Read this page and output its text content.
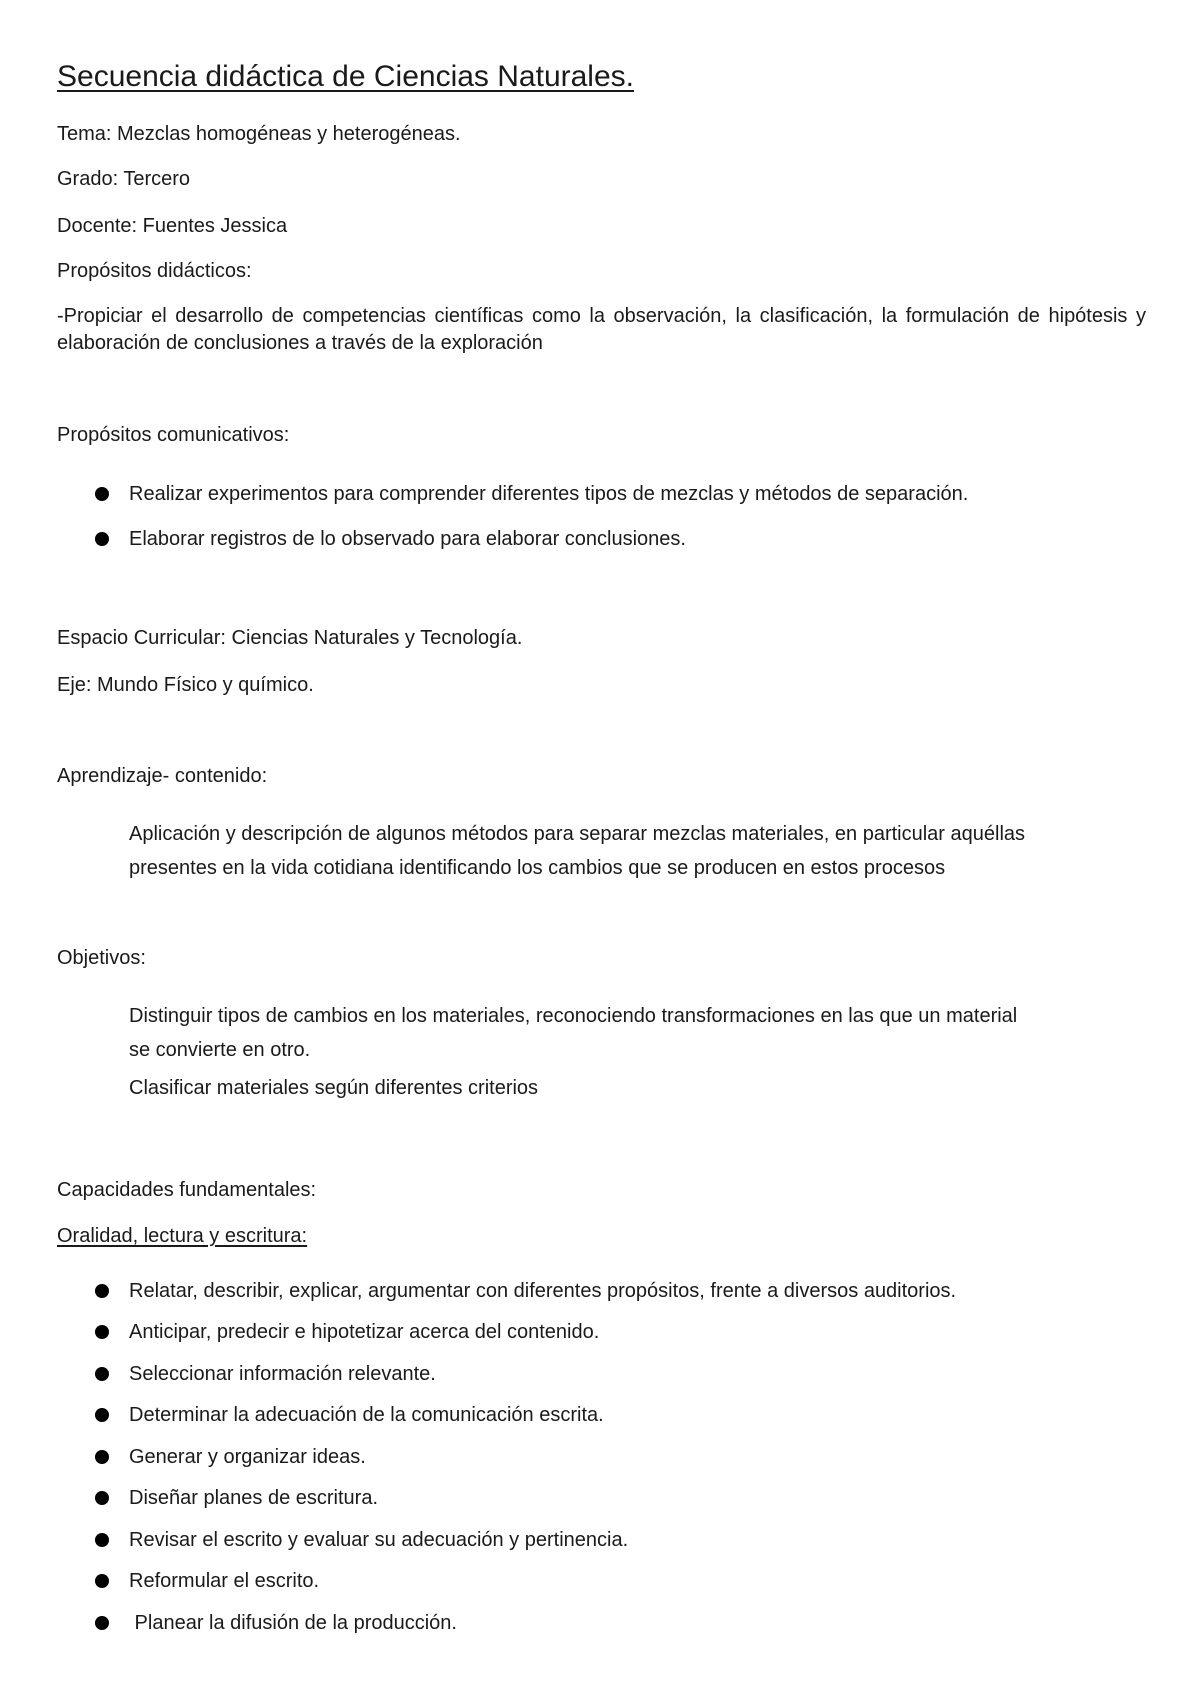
Secuencia didáctica de Ciencias Naturales.

Tema: Mezclas homogéneas y heterogéneas.

Grado: Tercero

Docente: Fuentes Jessica

Propósitos didácticos:

-Propiciar el desarrollo de competencias científicas como la observación, la clasificación, la formulación de hipótesis y elaboración de conclusiones a través de la exploración

Propósitos comunicativos:

Realizar experimentos para comprender diferentes tipos de mezclas y métodos de separación.
Elaborar registros de lo observado para elaborar conclusiones.

Espacio Curricular: Ciencias Naturales y Tecnología.

Eje: Mundo Físico y químico.

Aprendizaje- contenido:

Aplicación y descripción de algunos métodos para separar mezclas materiales, en particular aquéllas

presentes en la vida cotidiana identificando los cambios que se producen en estos procesos

Objetivos:

Distinguir tipos de cambios en los materiales, reconociendo transformaciones en las que un material

se convierte en otro.

Clasificar materiales según diferentes criterios

Capacidades fundamentales:

Oralidad, lectura y escritura:

Relatar, describir, explicar, argumentar con diferentes propósitos, frente a diversos auditorios.
Anticipar, predecir e hipotetizar acerca del contenido.
Seleccionar información relevante.
Determinar la adecuación de la comunicación escrita.
Generar y organizar ideas.
Diseñar planes de escritura.
Revisar el escrito y evaluar su adecuación y pertinencia.
Reformular el escrito.
Planear la difusión de la producción.
